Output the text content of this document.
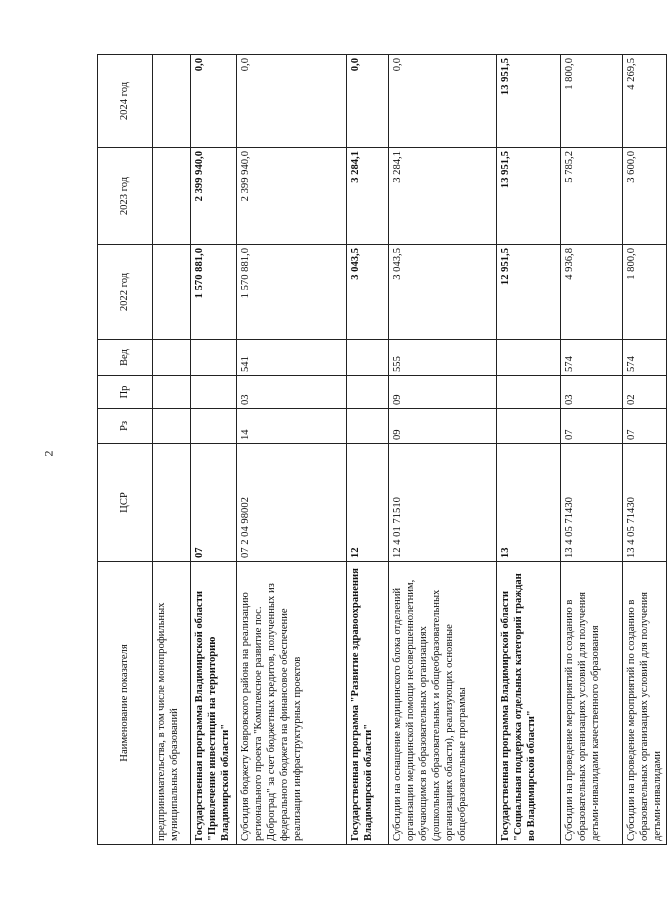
2
Наименование показателя	ЦСР	Рз	Пр	Вед	2022 год	2023 год	2024 год
предпринимательства, в том числе монопрофильных муниципальных образований							
Государственная программа Владимирской области "Привлечение инвестиций на территорию Владимирской области"	07				1 570 881,0	2 399 940,0	0,0
Субсидия бюджету Ковровского района на реализацию регионального проекта "Комплексное развитие пос. Доброград" за счет бюджетных кредитов, полученных из федерального бюджета на финансовое обеспечение реализации инфраструктурных проектов	07 2 04 98002	14	03	541	1 570 881,0	2 399 940,0	0,0
Государственная программа "Развитие здравоохранения Владимирской области"	12				3 043,5	3 284,1	0,0
Субсидии на оснащение медицинского блока отделений организации медицинской помощи несовершеннолетним, обучающимся в образовательных организациях (дошкольных образовательных и общеобразовательных организациях области), реализующих основные общеобразовательные программы	12 4 01 71510	09	09	555	3 043,5	3 284,1	0,0
Государственная программа Владимирской области "Социальная поддержка отдельных категорий граждан во Владимирской области"	13				12 951,5	13 951,5	13 951,5
Субсидии на проведение мероприятий по созданию в образовательных организациях условий для получения детьми-инвалидами качественного образования	13 4 05 71430	07	03	574	4 936,8	5 785,2	1 800,0
Субсидии на проведение мероприятий по созданию в образовательных организациях условий для получения детьми-инвалидами	13 4 05 71430	07	02	574	1 800,0	3 600,0	4 269,5
